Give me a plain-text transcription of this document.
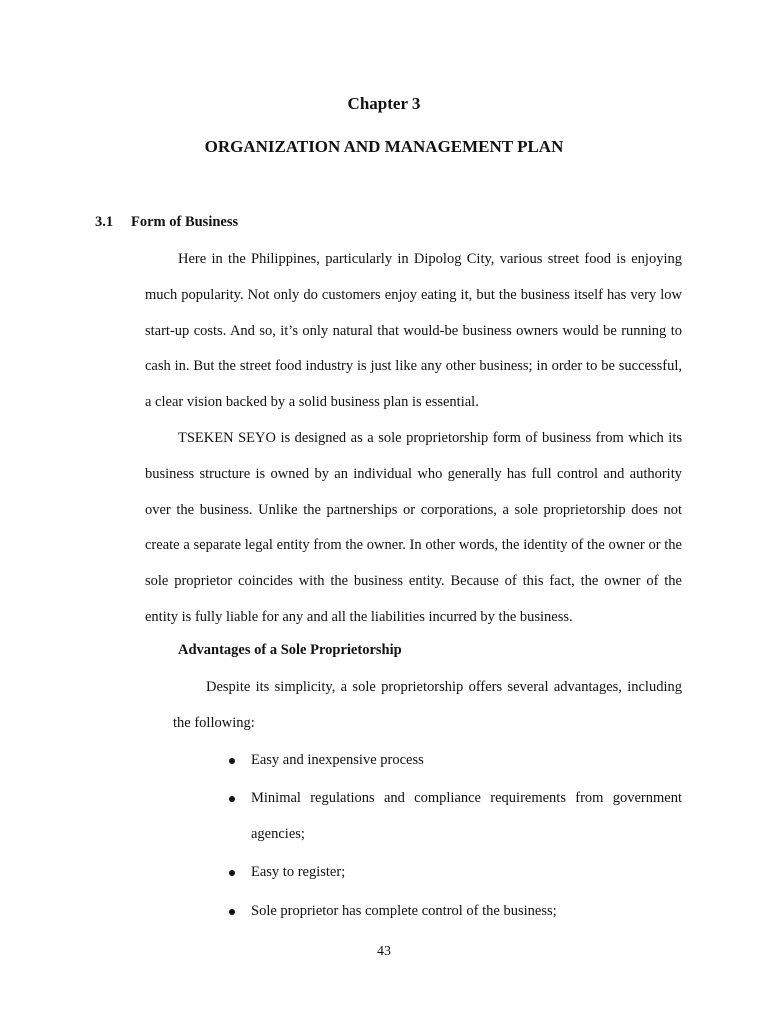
Chapter 3
ORGANIZATION AND MANAGEMENT PLAN
3.1 Form of Business

Here in the Philippines, particularly in Dipolog City, various street food is enjoying much popularity. Not only do customers enjoy eating it, but the business itself has very low start-up costs. And so, it’s only natural that would-be business owners would be running to cash in. But the street food industry is just like any other business; in order to be successful, a clear vision backed by a solid business plan is essential.

TSEKEN SEYO is designed as a sole proprietorship form of business from which its business structure is owned by an individual who generally has full control and authority over the business. Unlike the partnerships or corporations, a sole proprietorship does not create a separate legal entity from the owner. In other words, the identity of the owner or the sole proprietor coincides with the business entity. Because of this fact, the owner of the entity is fully liable for any and all the liabilities incurred by the business.

Advantages of a Sole Proprietorship

Despite its simplicity, a sole proprietorship offers several advantages, including the following:

Easy and inexpensive process
Minimal regulations and compliance requirements from government agencies;
Easy to register;
Sole proprietor has complete control of the business;
43
